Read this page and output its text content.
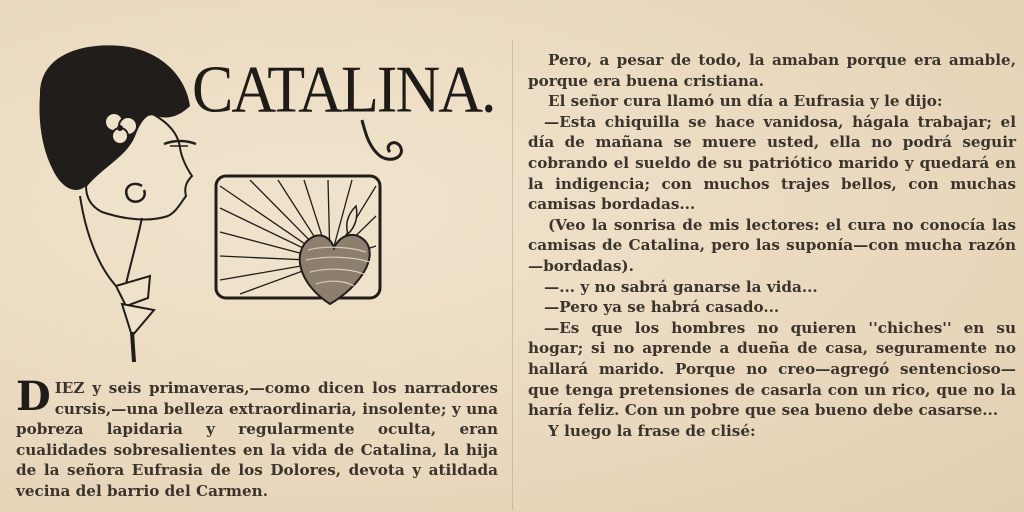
CATALINA.
DIEZ y seis primaveras,—como dicen los narradores cursis,—una belleza extraordinaria, insolente; y una pobreza lapidaria y regularmente oculta, eran cualidades sobresalientes en la vida de Catalina, la hija de la señora Eufrasia de los Dolores, devota y atildada vecina del barrio del Carmen.

Pero, a pesar de todo, la amaban porque era amable, porque era buena cristiana.

El señor cura llamó un día a Eufrasia y le dijo:

—Esta chiquilla se hace vanidosa, hágala trabajar; el día de mañana se muere usted, ella no podrá seguir cobrando el sueldo de su patriótico marido y quedará en la indigencia; con muchos trajes bellos, con muchas camisas bordadas...

(Veo la sonrisa de mis lectores: el cura no conocía las camisas de Catalina, pero las suponía—con mucha razón—bordadas).

—... y no sabrá ganarse la vida...

—Pero ya se habrá casado...

—Es que los hombres no quieren ''chiches'' en su hogar; si no aprende a dueña de casa, seguramente no hallará marido. Porque no creo—agregó sentencioso—que tenga pretensiones de casarla con un rico, que no la haría feliz. Con un pobre que sea bueno debe casarse...

Y luego la frase de clisé:
